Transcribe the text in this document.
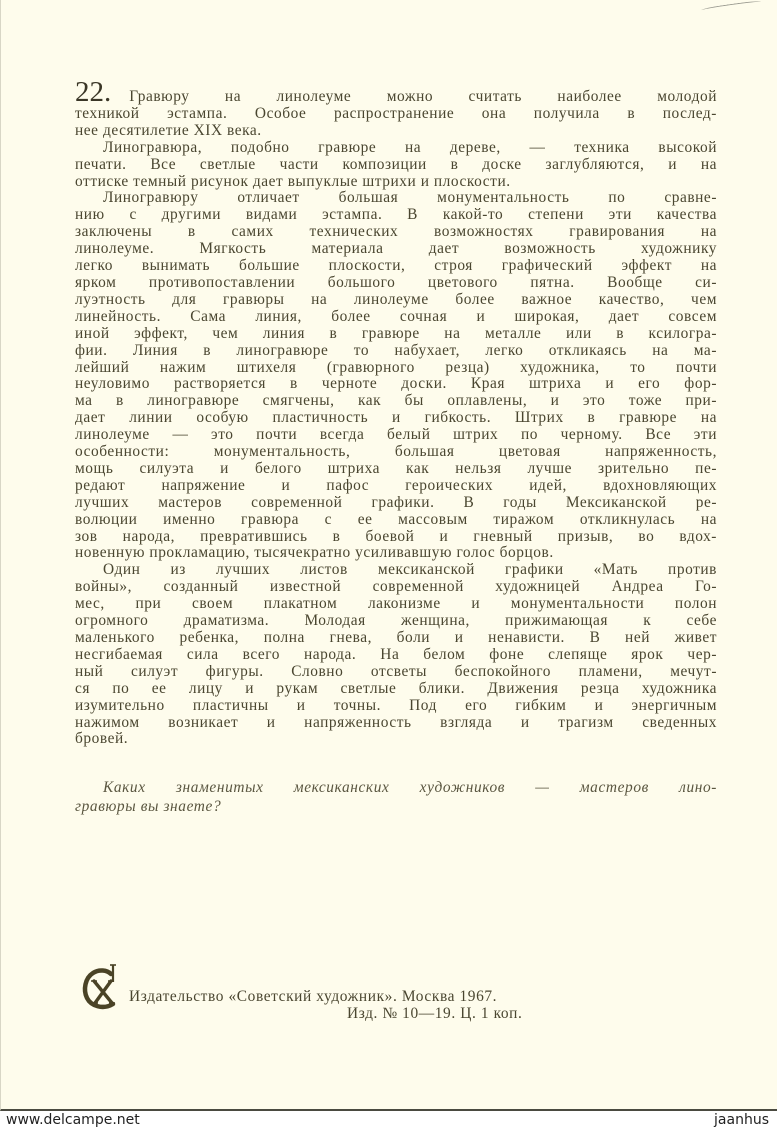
22. Гравюру на линолеуме можно считать наиболее молодой
техникой эстампа. Особое распространение она получила в послед-
нее десятилетие XIX века.
Линогравюра, подобно гравюре на дереве, — техника высокой
печати. Все светлые части композиции в доске заглубляются, и на
оттиске темный рисунок дает выпуклые штрихи и плоскости.
Линогравюру отличает большая монументальность по сравне-
нию с другими видами эстампа. В какой-то степени эти качества
заключены в самих технических возможностях гравирования на
линолеуме. Мягкость материала дает возможность художнику
легко вынимать большие плоскости, строя графический эффект на
ярком противопоставлении большого цветового пятна. Вообще си-
луэтность для гравюры на линолеуме более важное качество, чем
линейность. Сама линия, более сочная и широкая, дает совсем
иной эффект, чем линия в гравюре на металле или в ксилогра-
фии. Линия в линогравюре то набухает, легко откликаясь на ма-
лейший нажим штихеля (гравюрного резца) художника, то почти
неуловимо растворяется в черноте доски. Края штриха и его фор-
ма в линогравюре смягчены, как бы оплавлены, и это тоже при-
дает линии особую пластичность и гибкость. Штрих в гравюре на
линолеуме — это почти всегда белый штрих по черному. Все эти
особенности: монументальность, большая цветовая напряженность,
мощь силуэта и белого штриха как нельзя лучше зрительно пе-
редают напряжение и пафос героических идей, вдохновляющих
лучших мастеров современной графики. В годы Мексиканской ре-
волюции именно гравюра с ее массовым тиражом откликнулась на
зов народа, превратившись в боевой и гневный призыв, во вдох-
новенную прокламацию, тысячекратно усиливавшую голос борцов.
Один из лучших листов мексиканской графики «Мать против
войны», созданный известной современной художницей Андреа Го-
мес, при своем плакатном лаконизме и монументальности полон
огромного драматизма. Молодая женщина, прижимающая к себе
маленького ребенка, полна гнева, боли и ненависти. В ней живет
несгибаемая сила всего народа. На белом фоне слепяще ярок чер-
ный силуэт фигуры. Словно отсветы беспокойного пламени, мечут-
ся по ее лицу и рукам светлые блики. Движения резца художника
изумительно пластичны и точны. Под его гибким и энергичным
нажимом возникает и напряженность взгляда и трагизм сведенных
бровей.
Каких знаменитых мексиканских художников — мастеров лино-
гравюры вы знаете?
Издательство «Советский художник». Москва 1967.
Изд. № 10—19. Ц. 1 коп.
www.delcampe.net	jaanhus
